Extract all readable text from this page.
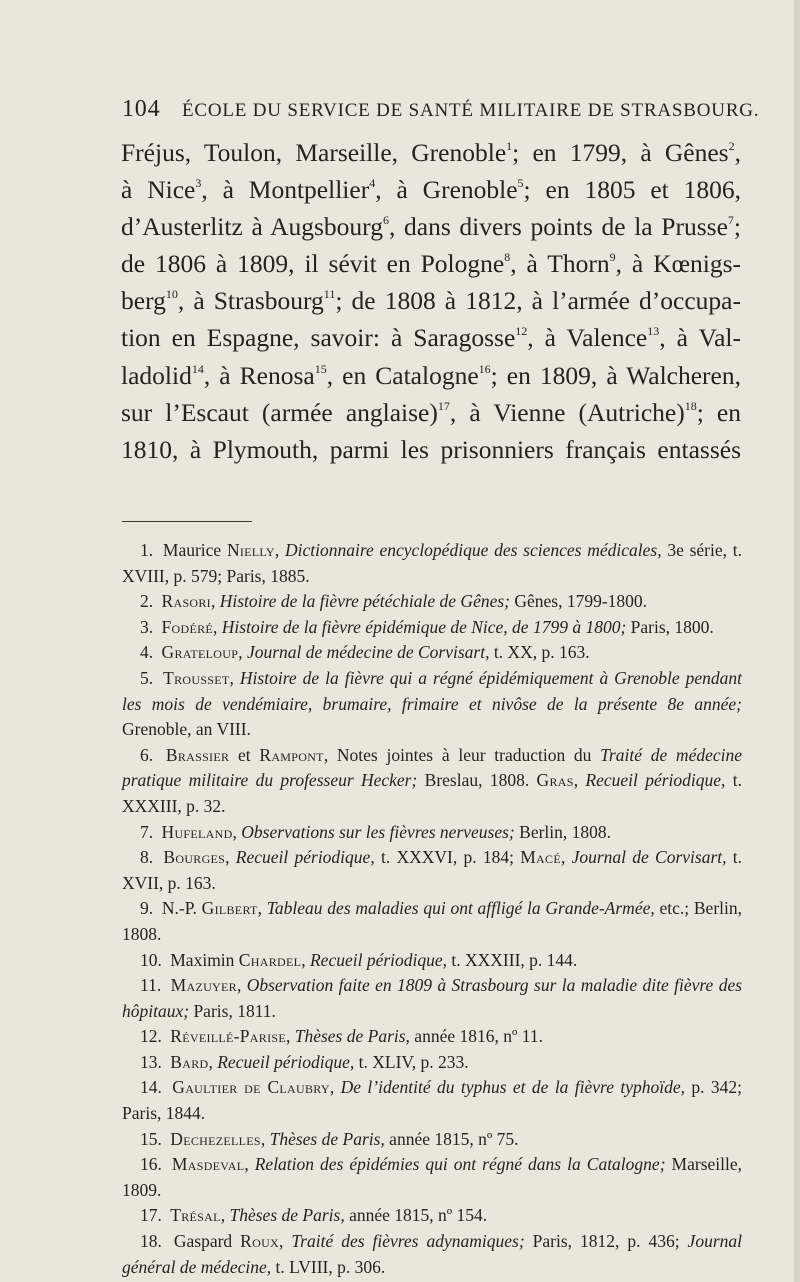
104 ÉCOLE DU SERVICE DE SANTÉ MILITAIRE DE STRASBOURG.
Fréjus, Toulon, Marseille, Grenoble$^1$; en 1799, à Gênes$^2$,
à Nice$^3$, à Montpellier$^4$, à Grenoble$^5$; en 1805 et 1806,
d’Austerlitz à Augsbourg$^6$, dans divers points de la Prusse$^7$;
de 1806 à 1809, il sévit en Pologne$^8$, à Thorn$^9$, à Kœnigs-
berg$^{10}$, à Strasbourg$^{11}$; de 1808 à 1812, à l’armée d’occupa-
tion en Espagne, savoir: à Saragosse$^{12}$, à Valence$^{13}$, à Val-
ladolid$^{14}$, à Renosa$^{15}$, en Catalogne$^{16}$; en 1809, à Walcheren,
sur l’Escaut (armée anglaise)$^{17}$, à Vienne (Autriche)$^{18}$; en
1810, à Plymouth, parmi les prisonniers français entassés

1. Maurice Nielly, Dictionnaire encyclopédique des sciences médicales, 3e série, t. XVIII, p. 579; Paris, 1885.

2. Rasori, Histoire de la fièvre pétéchiale de Gênes; Gênes, 1799-1800.

3. Fodéré, Histoire de la fièvre épidémique de Nice, de 1799 à 1800; Paris, 1800.

4. Grateloup, Journal de médecine de Corvisart, t. XX, p. 163.

5. Trousset, Histoire de la fièvre qui a régné épidémiquement à Grenoble pendant les mois de vendémiaire, brumaire, frimaire et nivôse de la présente 8e année; Grenoble, an VIII.

6. Brassier et Rampont, Notes jointes à leur traduction du Traité de médecine pratique militaire du professeur Hecker; Breslau, 1808. Gras, Recueil périodique, t. XXXIII, p. 32.

7. Hufeland, Observations sur les fièvres nerveuses; Berlin, 1808.

8. Bourges, Recueil périodique, t. XXXVI, p. 184; Macé, Journal de Corvisart, t. XVII, p. 163.

9. N.-P. Gilbert, Tableau des maladies qui ont affligé la Grande-Armée, etc.; Berlin, 1808.

10. Maximin Chardel, Recueil périodique, t. XXXIII, p. 144.

11. Mazuyer, Observation faite en 1809 à Strasbourg sur la maladie dite fièvre des hôpitaux; Paris, 1811.

12. Réveillé-Parise, Thèses de Paris, année 1816, nº 11.

13. Bard, Recueil périodique, t. XLIV, p. 233.

14. Gaultier de Claubry, De l’identité du typhus et de la fièvre typhoïde, p. 342; Paris, 1844.

15. Dechezelles, Thèses de Paris, année 1815, nº 75.

16. Masdeval, Relation des épidémies qui ont régné dans la Catalogne; Marseille, 1809.

17. Trésal, Thèses de Paris, année 1815, nº 154.

18. Gaspard Roux, Traité des fièvres adynamiques; Paris, 1812, p. 436; Journal général de médecine, t. LVIII, p. 306.
